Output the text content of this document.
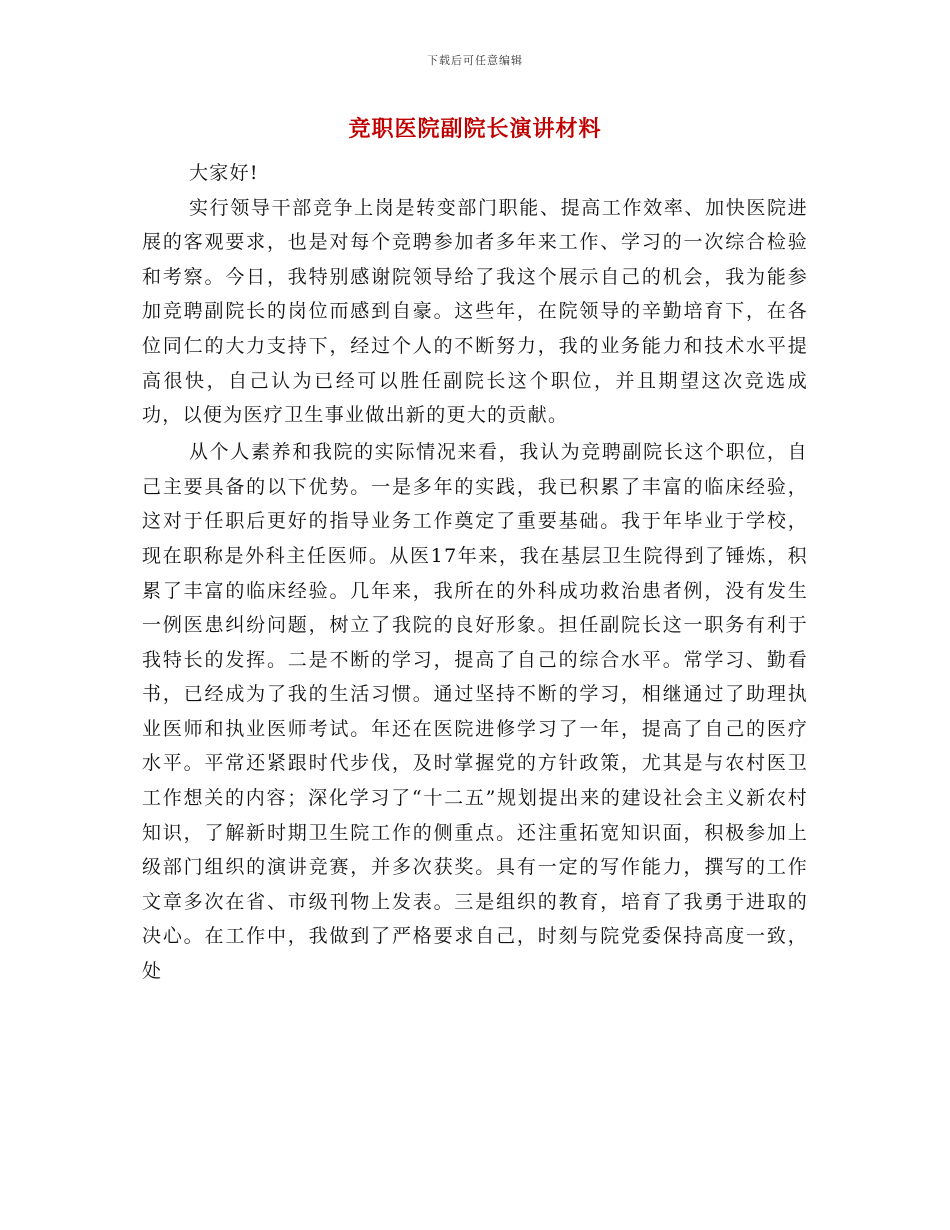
下载后可任意编辑
竞职医院副院长演讲材料

大家好!

实行领导干部竞争上岗是转变部门职能、提高工作效率、加快医院进展的客观要求，也是对每个竞聘参加者多年来工作、学习的一次综合检验和考察。今日，我特别感谢院领导给了我这个展示自己的机会，我为能参加竞聘副院长的岗位而感到自豪。这些年，在院领导的辛勤培育下，在各位同仁的大力支持下，经过个人的不断努力，我的业务能力和技术水平提高很快，自己认为已经可以胜任副院长这个职位，并且期望这次竞选成功，以便为医疗卫生事业做出新的更大的贡献。

从个人素养和我院的实际情况来看，我认为竞聘副院长这个职位，自己主要具备的以下优势。一是多年的实践，我已积累了丰富的临床经验，这对于任职后更好的指导业务工作奠定了重要基础。我于年毕业于学校，现在职称是外科主任医师。从医17年来，我在基层卫生院得到了锤炼，积累了丰富的临床经验。几年来，我所在的外科成功救治患者例，没有发生一例医患纠纷问题，树立了我院的良好形象。担任副院长这一职务有利于我特长的发挥。二是不断的学习，提高了自己的综合水平。常学习、勤看书，已经成为了我的生活习惯。通过坚持不断的学习，相继通过了助理执业医师和执业医师考试。年还在医院进修学习了一年，提高了自己的医疗水平。平常还紧跟时代步伐，及时掌握党的方针政策，尤其是与农村医卫工作想关的内容；深化学习了“十二五”规划提出来的建设社会主义新农村知识，了解新时期卫生院工作的侧重点。还注重拓宽知识面，积极参加上级部门组织的演讲竞赛，并多次获奖。具有一定的写作能力，撰写的工作文章多次在省、市级刊物上发表。三是组织的教育，培育了我勇于进取的决心。在工作中，我做到了严格要求自己，时刻与院党委保持高度一致，处
